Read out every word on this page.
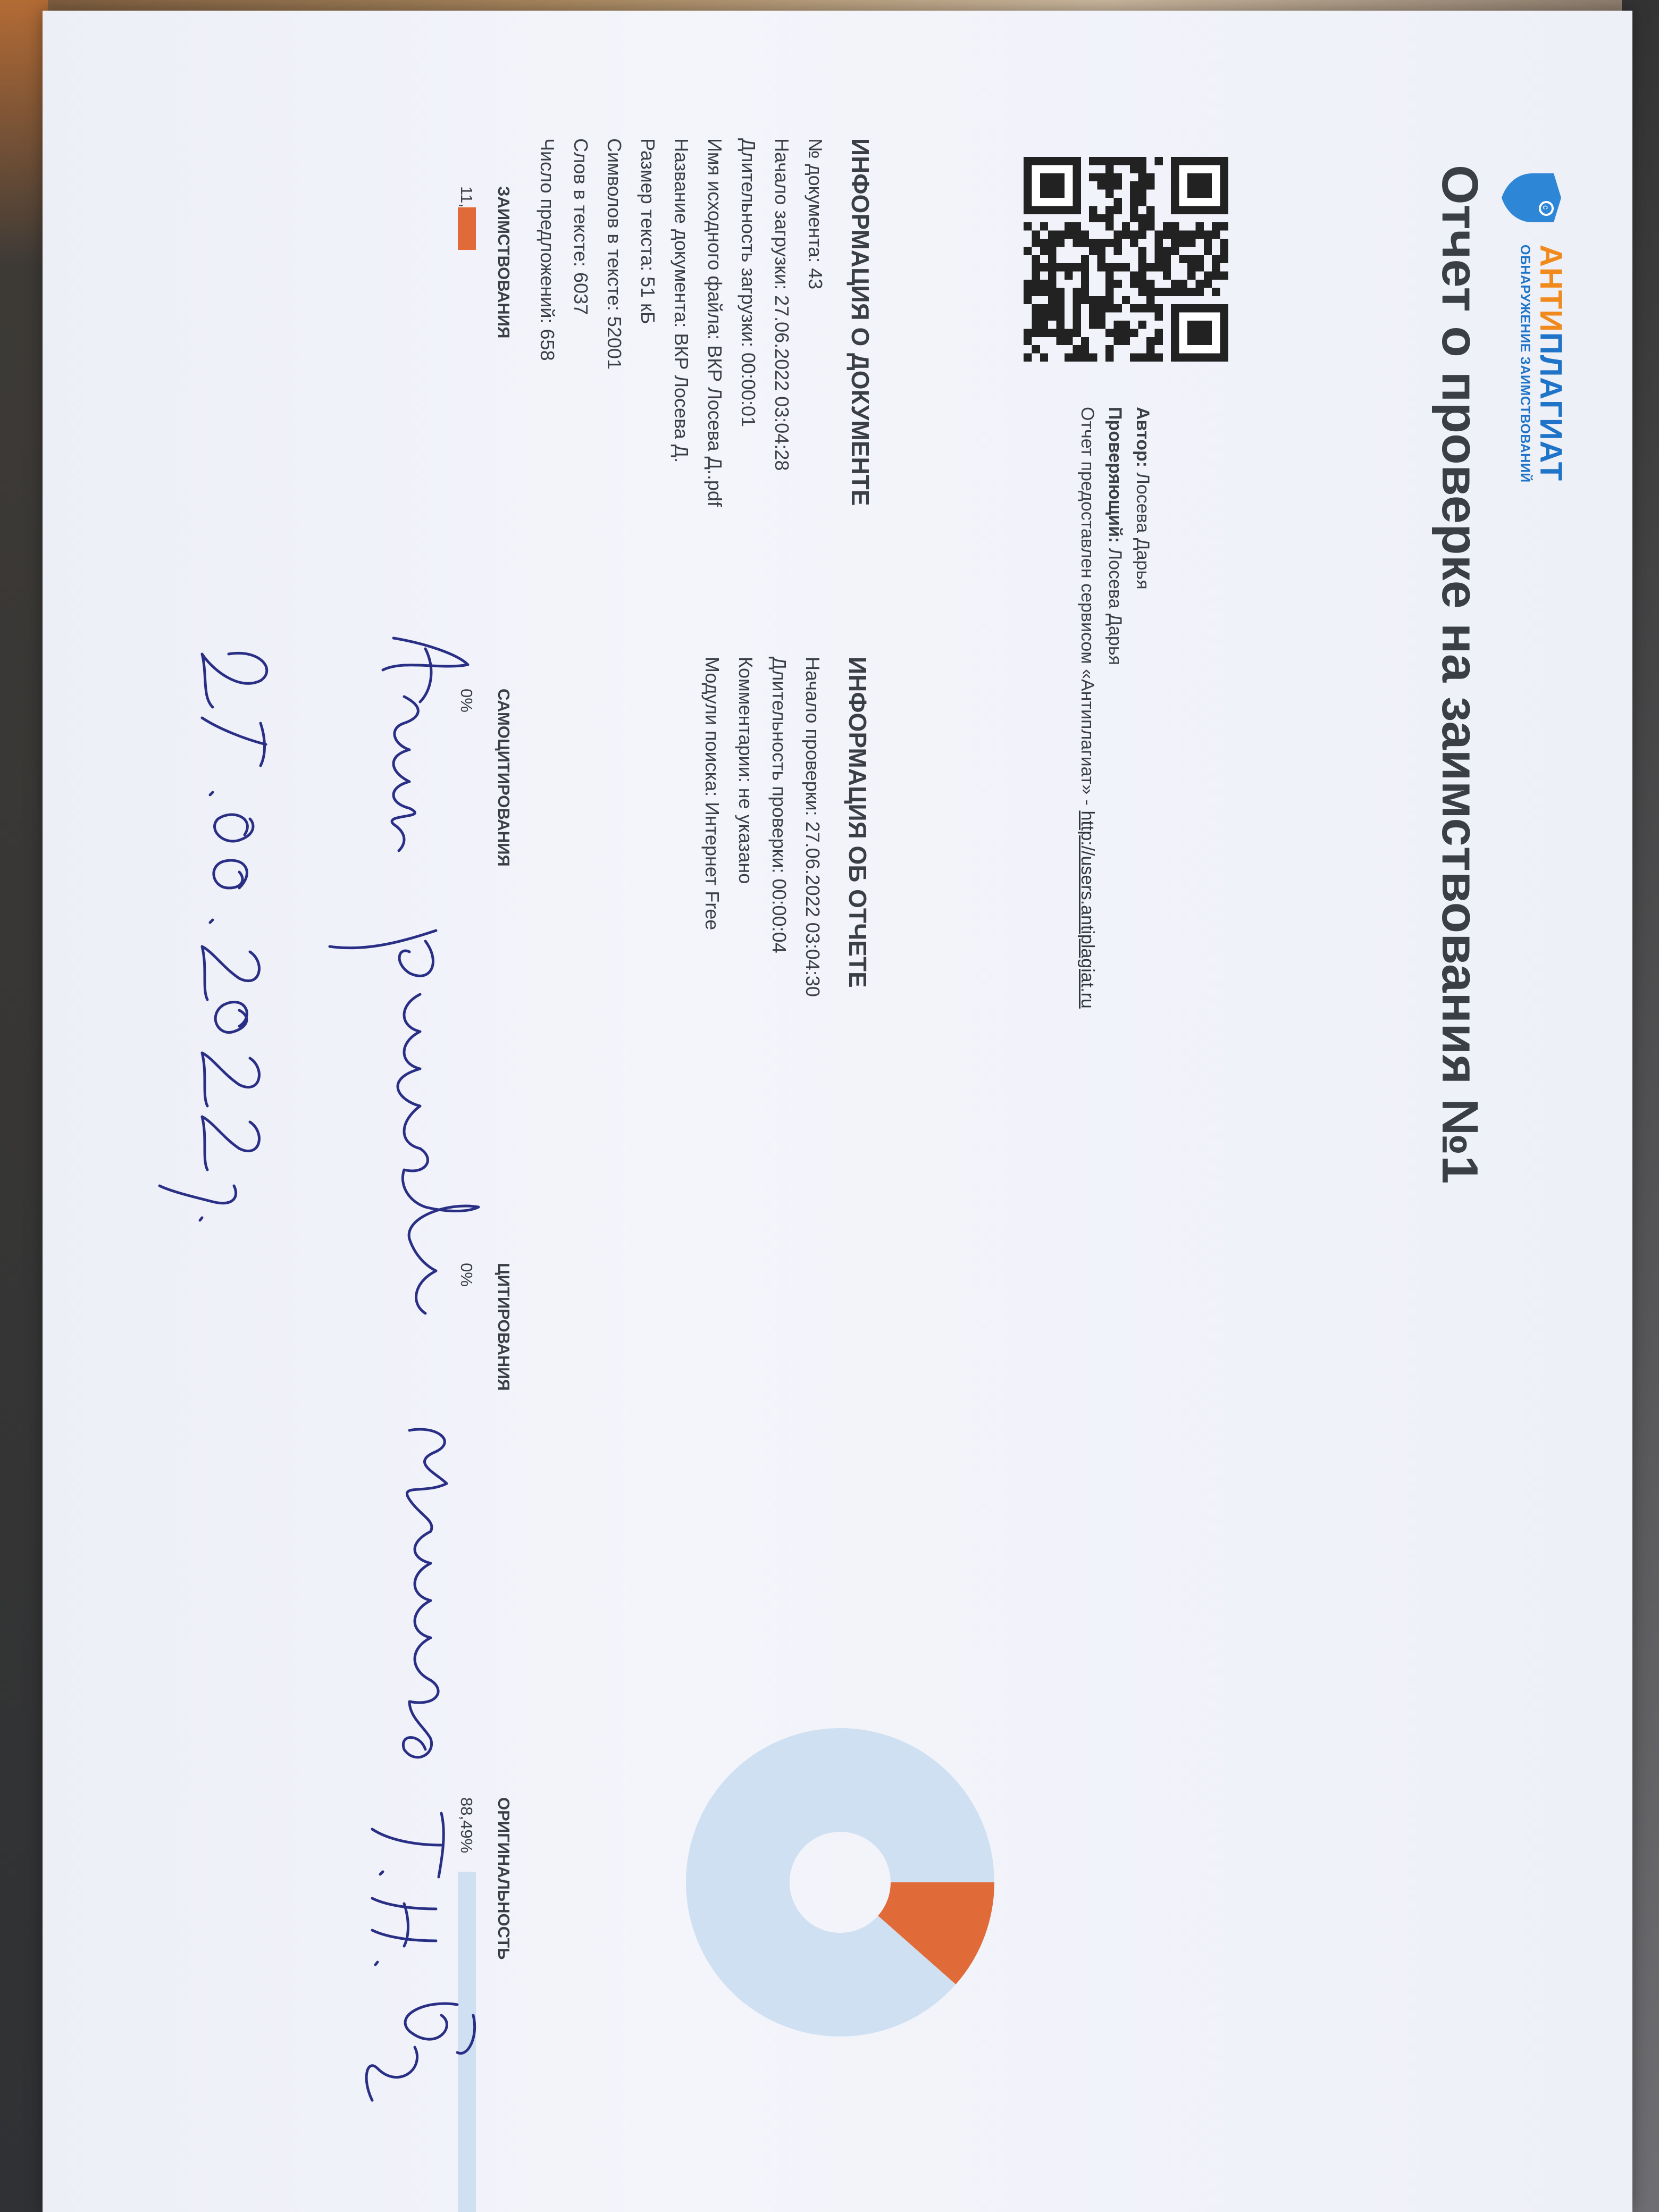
c
АНТИПЛАГИАТ
ОБНАРУЖЕНИЕ ЗАИМСТВОВАНИЙ
Отчет о проверке на заимствования №1
Автор: Лосева Дарья
Проверяющий: Лосева Дарья
Отчет предоставлен сервисом «Антиплагиат» - http://users.antiplagiat.ru
ИНФОРМАЦИЯ О ДОКУМЕНТЕ
№ документа: 43
Начало загрузки: 27.06.2022 03:04:28
Длительность загрузки: 00:00:01
Имя исходного файла: ВКР Лосева Д..pdf
Название документа: ВКР Лосева Д.
Размер текста: 51 кБ
Символов в тексте: 52001
Слов в тексте: 6037
Число предложений: 658
ИНФОРМАЦИЯ ОБ ОТЧЕТЕ
Начало проверки: 27.06.2022 03:04:30
Длительность проверки: 00:00:04
Комментарии: не указано
Модули поиска: Интернет Free
ЗАИМСТВОВАНИЯ
САМОЦИТИРОВАНИЯ
0%
ЦИТИРОВАНИЯ
0%
ОРИГИНАЛЬНОСТЬ
88,49%
